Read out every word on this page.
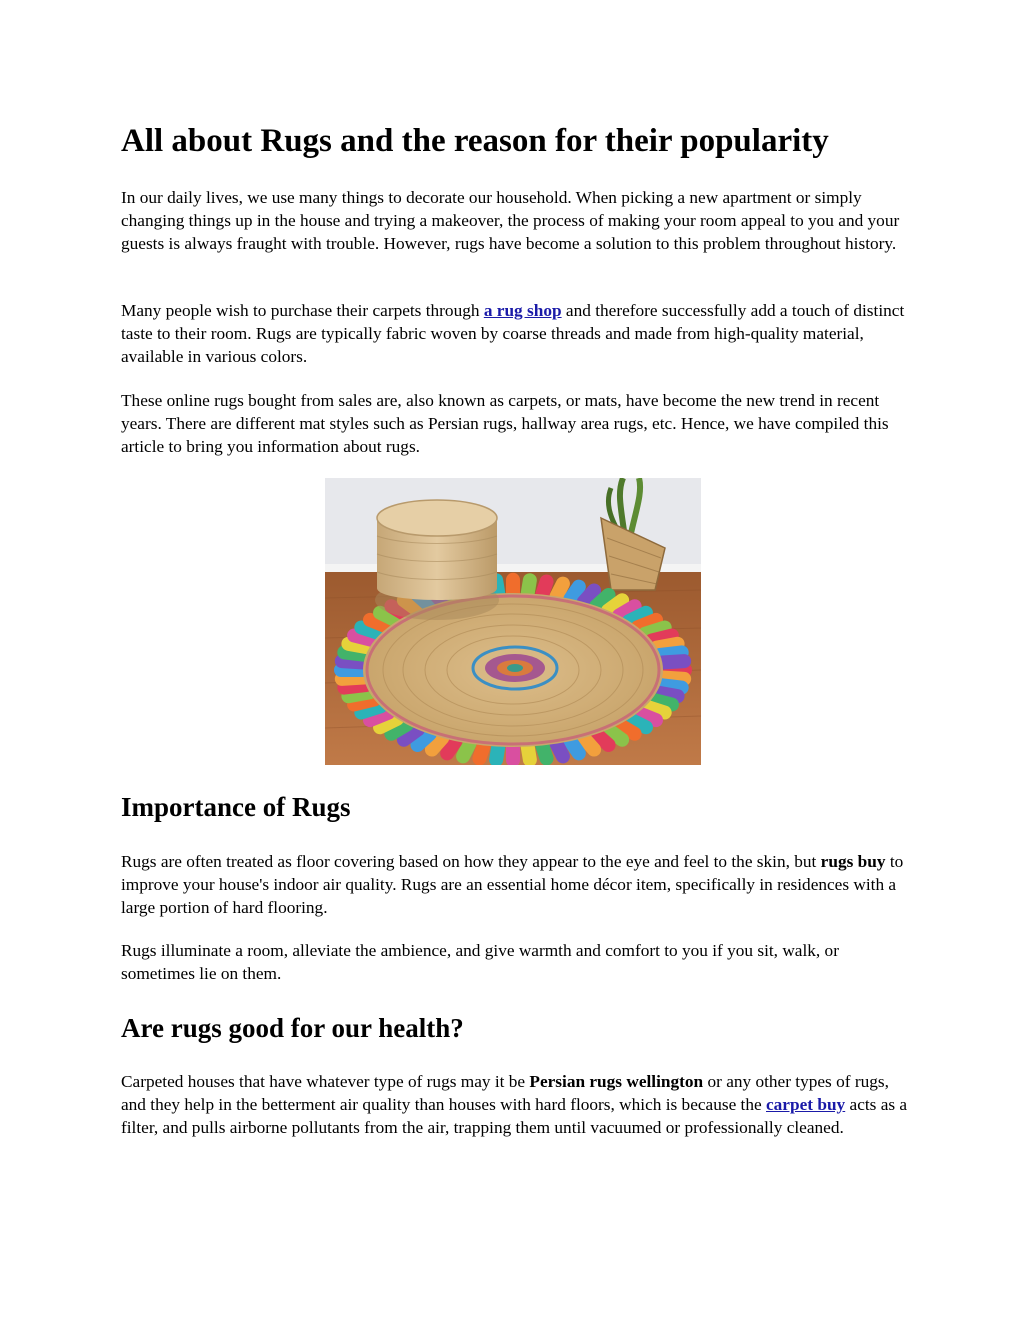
All about Rugs and the reason for their popularity

In our daily lives, we use many things to decorate our household. When picking a new apartment or simply changing things up in the house and trying a makeover, the process of making your room appeal to you and your guests is always fraught with trouble. However, rugs have become a solution to this problem throughout history.

Many people wish to purchase their carpets through a rug shop and therefore successfully add a touch of distinct taste to their room. Rugs are typically fabric woven by coarse threads and made from high-quality material, available in various colors.

These online rugs bought from sales are, also known as carpets, or mats, have become the new trend in recent years. There are different mat styles such as Persian rugs, hallway area rugs, etc. Hence, we have compiled this article to bring you information about rugs.

Importance of Rugs

Rugs are often treated as floor covering based on how they appear to the eye and feel to the skin, but rugs buy to improve your house's indoor air quality. Rugs are an essential home décor item, specifically in residences with a large portion of hard flooring.

Rugs illuminate a room, alleviate the ambience, and give warmth and comfort to you if you sit, walk, or sometimes lie on them.

Are rugs good for our health?

Carpeted houses that have whatever type of rugs may it be Persian rugs wellington or any other types of rugs, and they help in the betterment air quality than houses with hard floors, which is because the carpet buy acts as a filter, and pulls airborne pollutants from the air, trapping them until vacuumed or professionally cleaned.
